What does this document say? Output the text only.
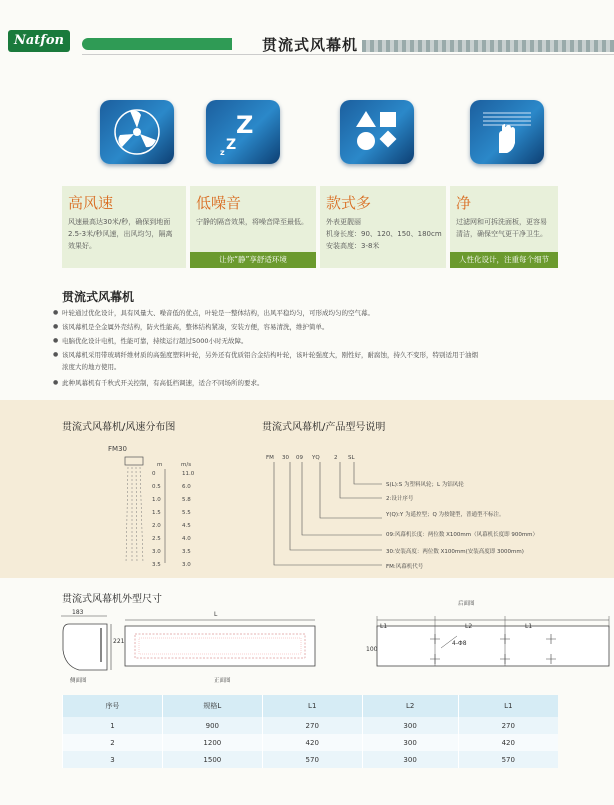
Natfon	贯流式风幕机
Z
Z
z
高风速

风速最高达30米/秒，确保到地面
2.5-3米/秒风速，出风均匀，隔离
效果好。

低噪音

宁静的隔音效果，将噪音降至最低。

让你“静”享舒适环境
款式多

外表更靓丽
机身长度：90、120、150、180cm
安装高度：3-8米

净

过滤网和可拆洗面板，更容易
清洁，确保空气更干净卫生。

人性化设计，注重每个细节
贯流式风幕机
● 叶轮通过优化设计，具有风量大、噪音低的优点，叶轮是一整体结构，出风平稳均匀，可形成均匀的空气幕。
● 该风幕机是全金属外壳结构，防火性能高，整体结构紧凑，安装方便，容易清洗，维护简单。
● 电脑优化设计电机，性能可靠，持续运行超过5000小时无故障。
● 该风幕机采用带玻璃纤维材质的高强度塑料叶轮，另外还有优质铝合金结构叶轮，该叶轮强度大，刚性好，耐腐蚀，持久不变形，特别适用于油烟
浓度大的地方使用。
● 此种风幕机有千秋式开关控制，有高低档调速，适合不同场所的要求。
贯流式风幕机/风速分布图
FM30
m	m/s
0	11.0
0.5	6.0
1.0	5.8
1.5	5.5
2.0	4.5
2.5	4.0
3.0	3.5
3.5	3.0
贯流式风幕机/产品型号说明
FM 30 09 YQ	2 SL
S(L):S 为塑料风轮；L 为铝风轮
2:设计序号
Y(Q):Y 为遥控型；Q 为按键型，普通型不标注。
09:风幕机长度：两位数 X100mm（风幕机长度即 900mm）
30:安装高度：两位数 X100mm(安装高度即 3000mm)
FM:风幕机代号
贯流式风幕机外型尺寸
183
221
L
L1	L2	L1
100
4-Φ8
侧面图	正面图
后面图
序号	规格L	L1	L2	L1
1	900	270	300	270
2	1200	420	300	420
3	1500	570	300	570
